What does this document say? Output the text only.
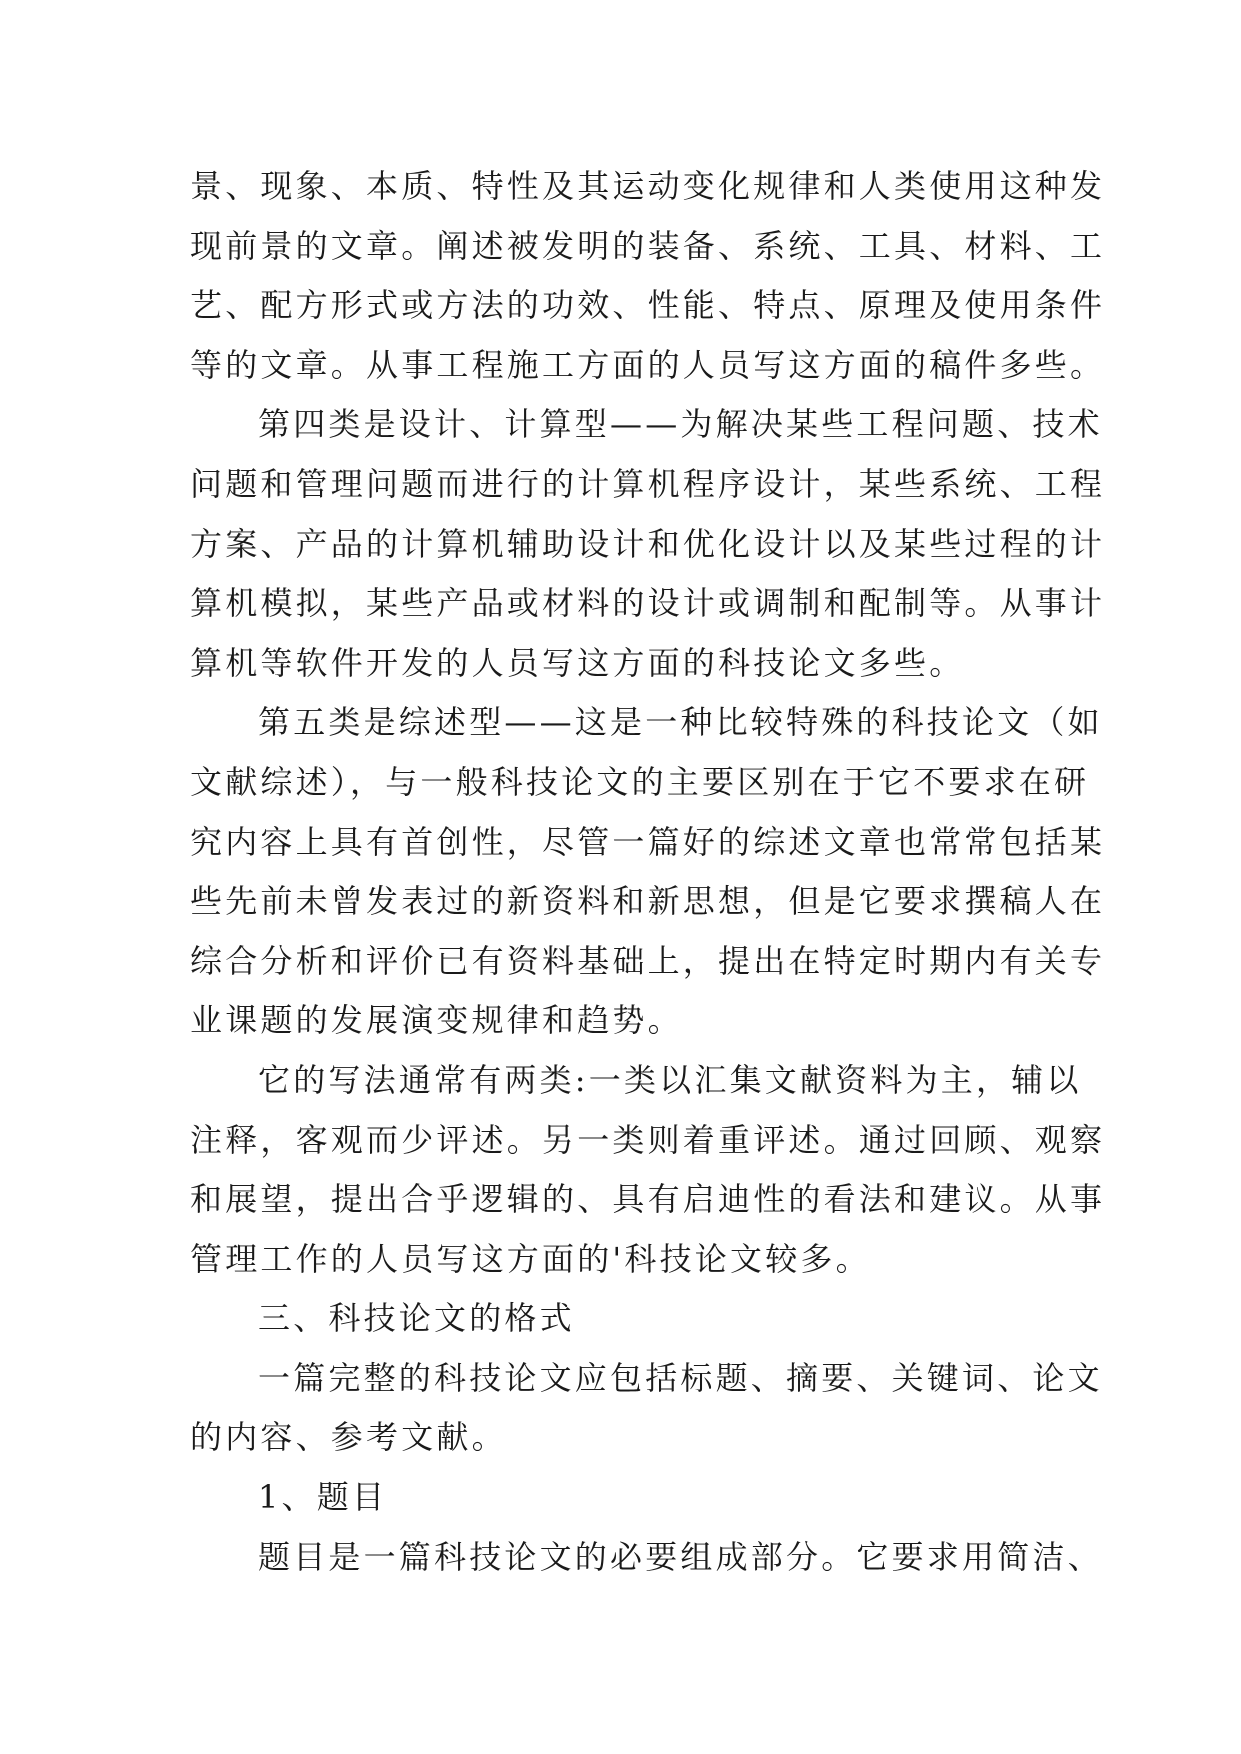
景、现象、本质、特性及其运动变化规律和人类使用这种发
现前景的文章。阐述被发明的装备、系统、工具、材料、工
艺、配方形式或方法的功效、性能、特点、原理及使用条件
等的文章。从事工程施工方面的人员写这方面的稿件多些。
第四类是设计、计算型——为解决某些工程问题、技术
问题和管理问题而进行的计算机程序设计，某些系统、工程
方案、产品的计算机辅助设计和优化设计以及某些过程的计
算机模拟，某些产品或材料的设计或调制和配制等。从事计
算机等软件开发的人员写这方面的科技论文多些。
第五类是综述型——这是一种比较特殊的科技论文（如
文献综述），与一般科技论文的主要区别在于它不要求在研
究内容上具有首创性，尽管一篇好的综述文章也常常包括某
些先前未曾发表过的新资料和新思想，但是它要求撰稿人在
综合分析和评价已有资料基础上，提出在特定时期内有关专
业课题的发展演变规律和趋势。
它的写法通常有两类:一类以汇集文献资料为主，辅以
注释，客观而少评述。另一类则着重评述。通过回顾、观察
和展望，提出合乎逻辑的、具有启迪性的看法和建议。从事
管理工作的人员写这方面的'科技论文较多。
三、科技论文的格式
一篇完整的科技论文应包括标题、摘要、关键词、论文
的内容、参考文献。
1、题目
题目是一篇科技论文的必要组成部分。它要求用简洁、
